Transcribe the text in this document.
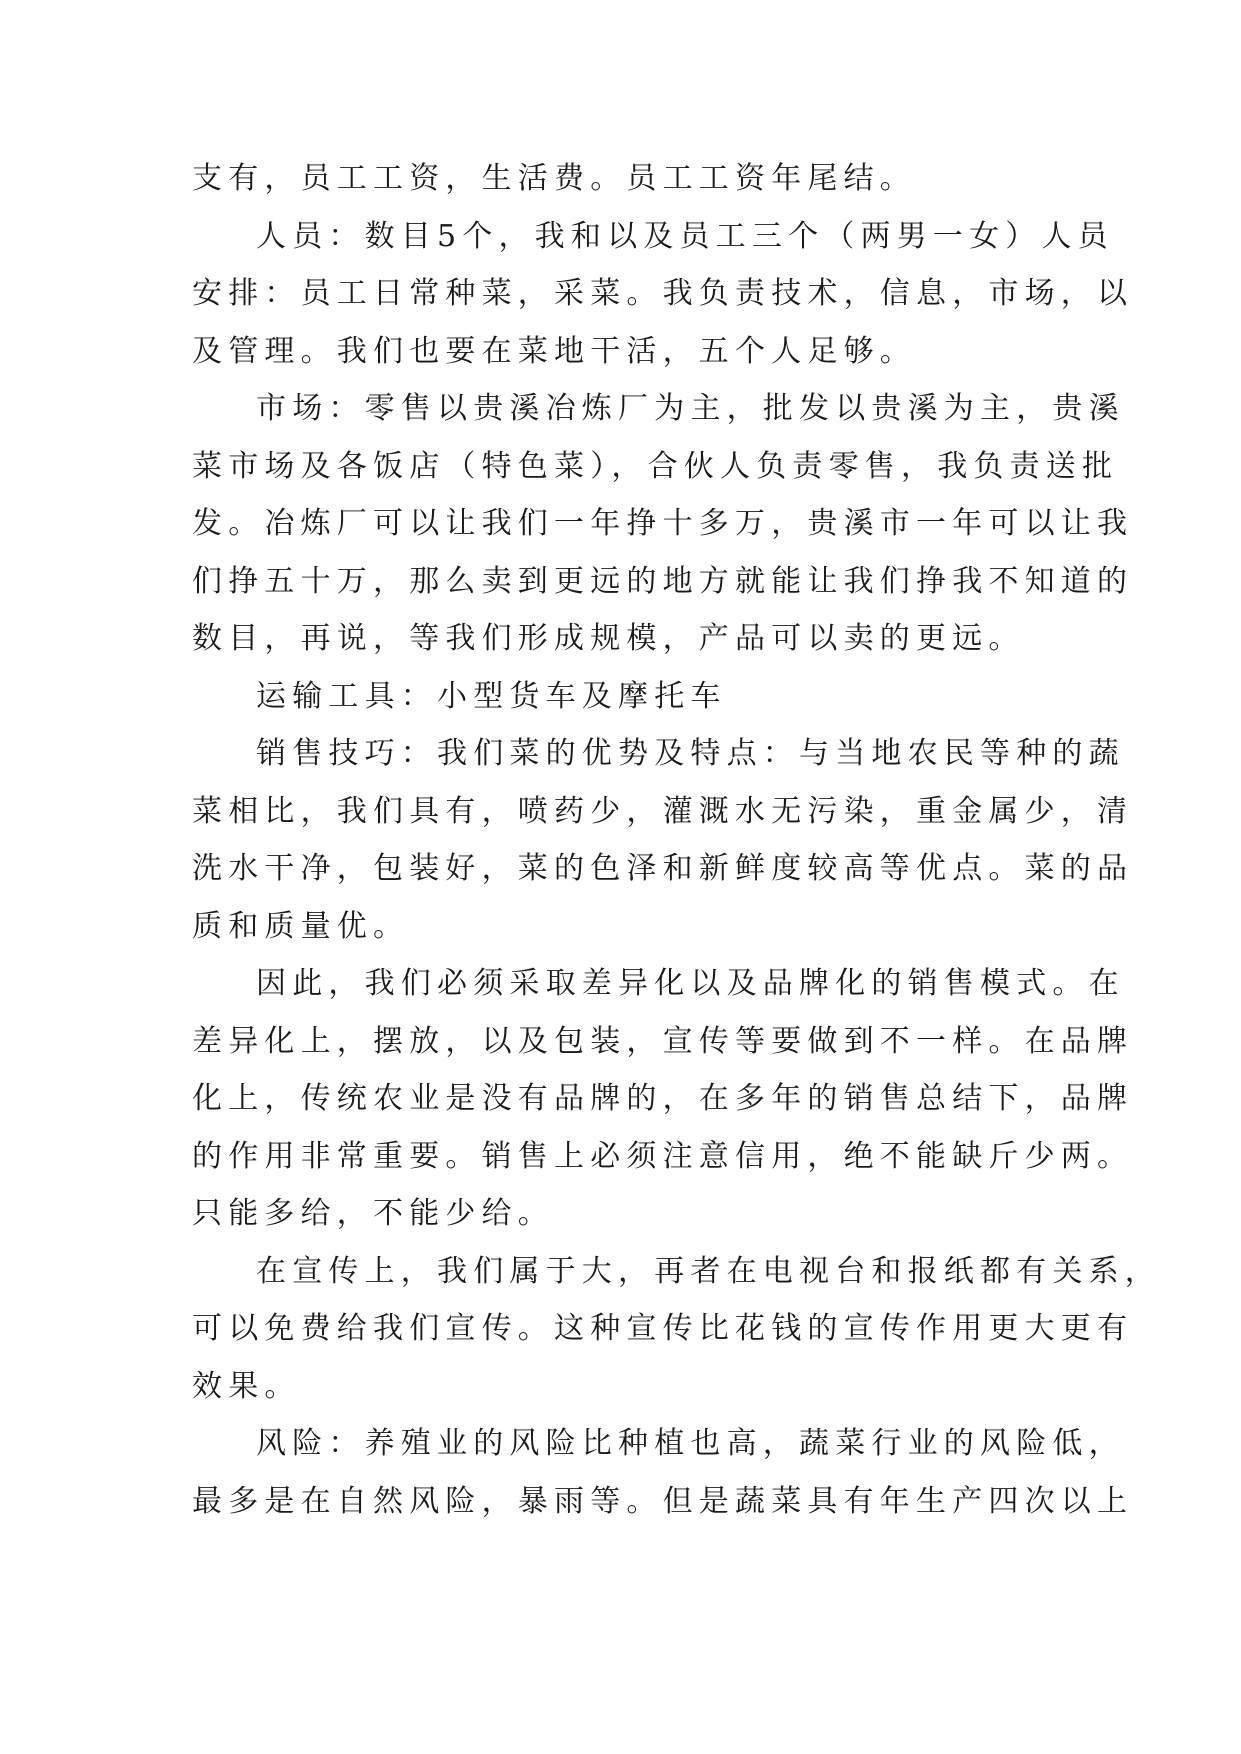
支有，员工工资，生活费。员工工资年尾结。
人员：数目5个，我和以及员工三个（两男一女）人员
安排：员工日常种菜，采菜。我负责技术，信息，市场，以
及管理。我们也要在菜地干活，五个人足够。
市场：零售以贵溪冶炼厂为主，批发以贵溪为主，贵溪
菜市场及各饭店（特色菜），合伙人负责零售，我负责送批
发。冶炼厂可以让我们一年挣十多万，贵溪市一年可以让我
们挣五十万，那么卖到更远的地方就能让我们挣我不知道的
数目，再说，等我们形成规模，产品可以卖的更远。
运输工具：小型货车及摩托车
销售技巧：我们菜的优势及特点：与当地农民等种的蔬
菜相比，我们具有，喷药少，灌溉水无污染，重金属少，清
洗水干净，包装好，菜的色泽和新鲜度较高等优点。菜的品
质和质量优。
因此，我们必须采取差异化以及品牌化的销售模式。在
差异化上，摆放，以及包装，宣传等要做到不一样。在品牌
化上，传统农业是没有品牌的，在多年的销售总结下，品牌
的作用非常重要。销售上必须注意信用，绝不能缺斤少两。
只能多给，不能少给。
在宣传上，我们属于大，再者在电视台和报纸都有关系，
可以免费给我们宣传。这种宣传比花钱的宣传作用更大更有
效果。
风险：养殖业的风险比种植也高，蔬菜行业的风险低，
最多是在自然风险，暴雨等。但是蔬菜具有年生产四次以上
